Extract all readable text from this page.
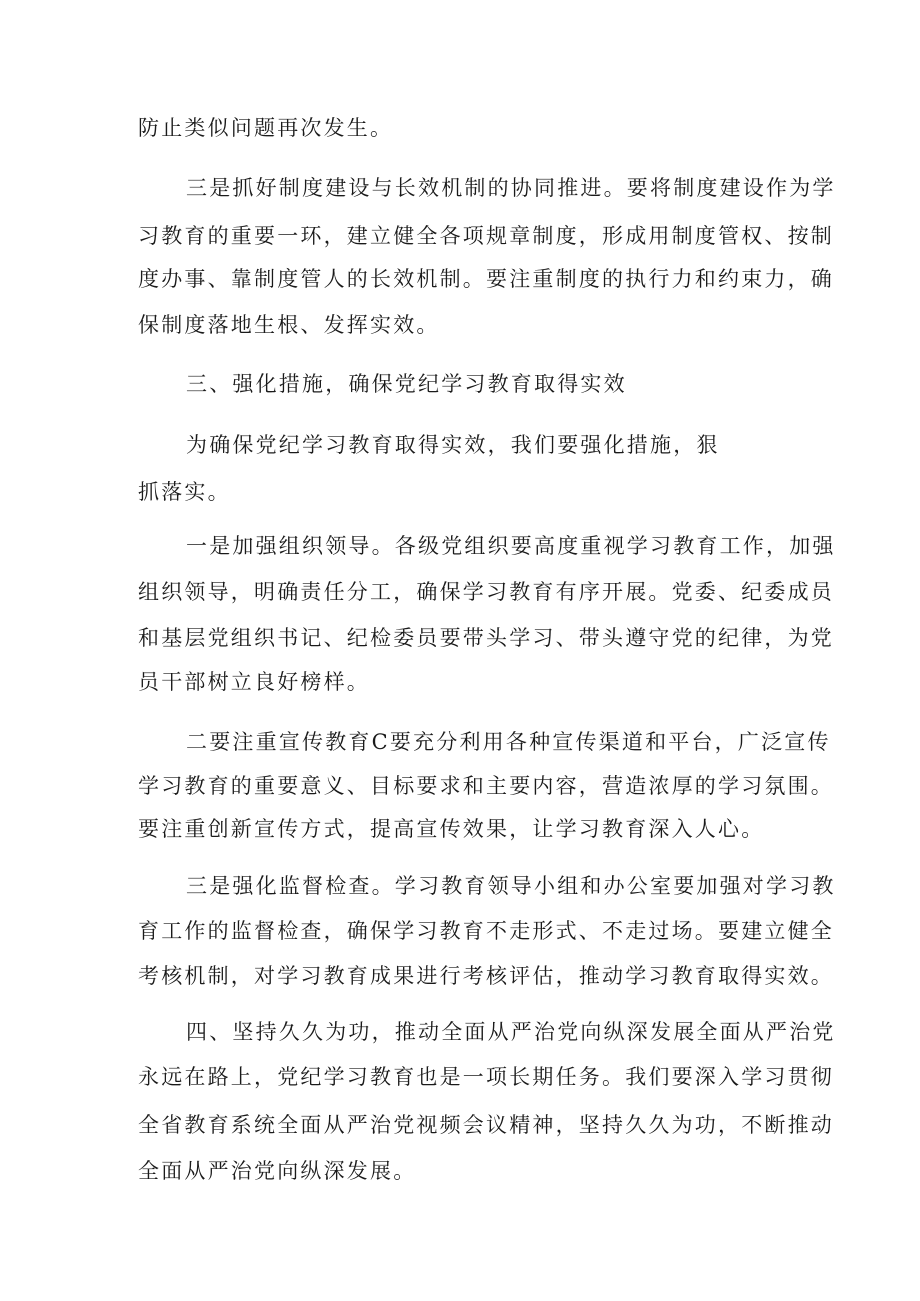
防止类似问题再次发生。
三是抓好制度建设与长效机制的协同推进。要将制度建设作为学
习教育的重要一环，建立健全各项规章制度，形成用制度管权、按制
度办事、靠制度管人的长效机制。要注重制度的执行力和约束力，确
保制度落地生根、发挥实效。
三、强化措施，确保党纪学习教育取得实效
为确保党纪学习教育取得实效，我们要强化措施，狠
抓落实。
一是加强组织领导。各级党组织要高度重视学习教育工作，加强
组织领导，明确责任分工，确保学习教育有序开展。党委、纪委成员
和基层党组织书记、纪检委员要带头学习、带头遵守党的纪律，为党
员干部树立良好榜样。
二要注重宣传教育C要充分利用各种宣传渠道和平台，广泛宣传
学习教育的重要意义、目标要求和主要内容，营造浓厚的学习氛围。
要注重创新宣传方式，提高宣传效果，让学习教育深入人心。
三是强化监督检查。学习教育领导小组和办公室要加强对学习教
育工作的监督检查，确保学习教育不走形式、不走过场。要建立健全
考核机制，对学习教育成果进行考核评估，推动学习教育取得实效。
四、坚持久久为功，推动全面从严治党向纵深发展全面从严治党
永远在路上，党纪学习教育也是一项长期任务。我们要深入学习贯彻
全省教育系统全面从严治党视频会议精神，坚持久久为功，不断推动
全面从严治党向纵深发展。
